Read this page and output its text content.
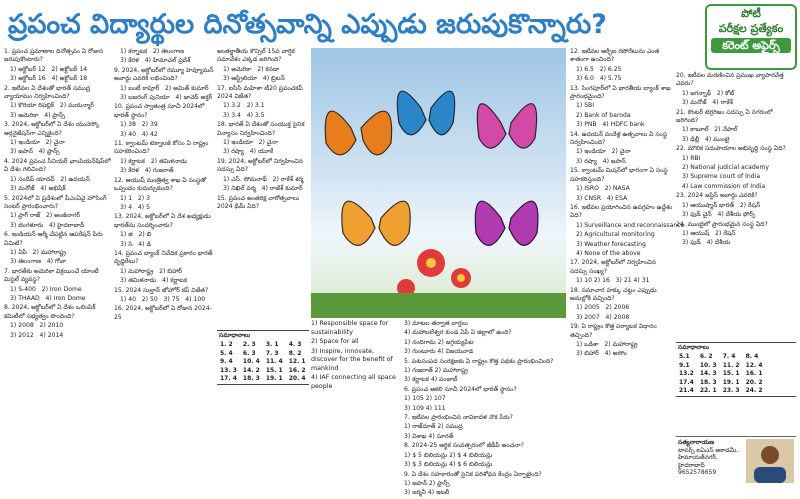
ప్రపంచ విద్యార్థుల దినోత్సవాన్ని ఎప్పుడు జరుపుకొన్నారు?	పోటీ
పరీక్షల ప్రత్యేకం
కరెంట్ అఫైర్స్

1. ప్రపంచ ప్రమాణాల దినోత్సవం ఏ రోజున జరుపుకొంటారు?

1) అక్టోబర్ 12   2) అక్టోబర్ 14

3) అక్టోబర్ 16   4) అక్టోబర్ 18

2. ఇటీవల ఏ దేశంతో భారత్ సముద్ర వ్యాయామం నిర్వహించింది?

1) కొరియా రిపబ్లిక్   2) మయన్మార్

3) అమెరికా   4) ఫ్రాన్స్

3. 2024, అక్టోబర్‌లో ఏ దేశం యునెస్కో ఆర్గనైజేషన్‌గా ఎన్నికైంది?

1) ఇండియా   2) చైనా

3) జపాన్   4) ఫ్రాన్స్

4. 2024 ప్రపంచ సీనియర్ ఛాంపియన్‌షిప్‌లో ఏ దేశం గెలిచింది?

1) సందీప్ యాదవ్   2) ఉదయన్

3) మనోజ్   4) అభిషేక్

5. 2024లో ఏ ప్రదేశంలో పీఎంఏవై హౌసింగ్ సెంటర్ ప్రారంభించారు?

1) ప్రాగ్ రాజ్   2) అంజీనాగర్

3) బెంగళూరు   4) హైదరాబాద్

6. ఇండియన్ ఆర్మీ చేపట్టిన ఆపరేషన్ పేరు ఏమిటి?

1) ఏపీ   2) మహారాష్ట్ర

3) తెలంగాణ   4) గోవా

7. భారత్‌కు అమెరికా విక్రయించే యాంటీ మిసైల్ వ్యవస్థ?

1) S-400   2) Iron Dome

3) THAAD   4) Iron Dome

8. 2024, అక్టోబర్‌లో ఏ దేశం ఒలింపిక్ కమిటీలో సభ్యత్వం పొందింది?

1) 2008   2) 2010

3) 2012   4) 2014

1) కర్నాటక   2) తెలంగాణ

3) కేరళ   4) హిమాచల్ ప్రదేశ్

9. 2024, అక్టోబర్‌లో రెమ్యూ హెవ్యూమన్ అవార్డు ఎవరికి లభించింది?

1) బంటీ కాపూర్   2) అమిత్ కుమార్

3) బజరంగ్ పునియా   4) జావెద్ అక్తర్

10. ప్రపంచ స్వాతంత్ర సూచీ 2024లో భారత్ స్థానం?

1) 38   2) 39

3) 40   4) 42

11. క్వాంటమ్ టెక్నాలజీ కోసం ఏ రాష్ట్రం సహకరించింది?

1) కర్ణాటక   2) తమిళనాడు

3) కేరళ   4) గుజరాత్

12. ఆయుష్ మంత్రిత్వ శాఖ ఏ సంస్థతో ఒప్పందం కుదుర్చుకుంది?

1) 1   2) 3

3) 4   4) 5

13. 2024, అక్టోబర్‌లో ఏ దేశ అధ్యక్షుడు భారత్‌ను సందర్శించారు?

1) జి   2) బి

3) సి   4) డి

14. ప్రపంచ బ్యాంక్ నివేదిక ప్రకారం భారత్ వృద్ధిరేటు?

1) మహారాష్ట్ర   2) బిహార్

3) తమిళనాడు   4) కర్ణాటక

15. 2024 సుల్తాన్ జోహోర్ కప్ విజేత?

1) 40   2) 50   3) 75   4) 100

16. 2024, అక్టోబర్‌లో ఏ రోజున 2024-25

అంతర్జాతీయ కౌన్సిల్ 15వ వార్షిక సమావేశం ఎక్కడ జరిగింది?

1) అమెరికా   2) కెనడా

3) ఆస్ట్రేలియా   4) బ్రిటన్

17. ఐసీసీ మహిళా టీ20 ప్రపంచకప్ 2024 విజేత?

1) 3.2   2) 3.1

3) 3.4   4) 3.5

18. భారత్ ఏ దేశంతో సంయుక్త సైనిక విన్యాసం నిర్వహించింది?

1) ఇండియా   2) చైనా

3) రష్యా   4) యూకే

19. 2024, అక్టోబర్‌లో నిర్వహించిన సదస్సు ఏది?

1) ఎస్. సోమనాథ్   2) రాకేశ్ శర్మ

3) నిఖిల్ వర్మ   4) రాజేశ్ కుమార్

15. ప్రపంచ అంతరిక్ష వారోత్సవాలు 2024 థీమ్ ఏది?

సమాధానాలు
1. 2	2. 3	3. 1	4. 3
5. 4	6. 3	7. 3	8. 2
9. 4	10. 4	11. 4	12. 1
13. 3	14. 2	15. 1	16. 2
17. 4	18. 3	19. 1	20. 4

1) Responsible space for sustainability

2) Space for all

3) Inspire, innovate, discover for the benefit of mankind

4) IAF connecting all space people

3) మాటల తర్వాత వార్తలు

4) మహాబలేశ్వర కుండ ఏపీ ఏ జిల్లాలో ఉంది?

1) నందిగామ 2) జగ్గయ్యపేట

3) గుంటూరు 4) విజయవాడ

5. పశుసంపద సంరక్షణకు ఏ రాష్ట్రం కొత్త పథకం ప్రారంభించింది?

1) గుజరాత్ 2) మహారాష్ట్ర

3) కర్ణాటక 4) పంజాబ్

6. ప్రపంచ ఆకలి సూచీ 2024లో భారత్ స్థానం?

1) 105 2) 107

3) 109 4) 111

7. ఇటీవల ప్రారంభించిన నావికాదళ నౌక పేరు?

1) రాజ్‌దూత్ 2) సముద్ర

3) విశాఖ 4) సూరత్

8. 2024-25 ఆర్థిక సంవత్సరంలో జీడీపీ అంచనా?

1) $ 5 బిలియన్లు 2) $ 4 బిలియన్లు

3) $ 3 బిలియన్లు 4) $ 6 బిలియన్లు

9. ఏ దేశం సహకారంతో సైనిక పరిశోధన కేంద్రం ఏర్పాటైంది?

1) జపాన్ 2) ఫ్రాన్స్

3) జర్మనీ 4) ఇటలీ

12. ఇటీవల ఆర్బీఐ రెపోరేటును ఎంత శాతంగా ఉంచింది?

1) 6.5   2) 6.25

3) 6.0   4) 5.75

13. సింగపూర్‌లో ఏ భారతీయ బ్యాంక్ శాఖ ప్రారంభమైంది?

1) SBI

2) Bank of baroda

3) PNB   4) HDFC bank

14. ఉదయన్ వందేళ్ల ఉత్సవాలు ఏ సంస్థ నిర్వహించింది?

1) ఇండియా   2) చైనా

3) రష్యా   4) జపాన్

15. క్వాంటమ్ మిషన్‌లో భాగంగా ఏ సంస్థ సహకరిస్తుంది?

1) ISRO   2) NASA

3) CNSR   4) ESA

16. ఇటీవల ప్రయోగించిన ఉపగ్రహం ఉద్దేశం ఏది?

1) Surveillance and reconnaissance

2) Agricultural monitoring

3) Weather forecasting

4) None of the above

17. 2024, అక్టోబర్‌లో నిర్వహించిన సదస్సు సంఖ్య?

1) 10 2) 16   3) 21 4) 31

18. సమాచార హక్కు చట్టం ఎప్పుడు అమల్లోకి వచ్చింది?

1) 2005   2) 2006

3) 2007   4) 2008

19. ఏ రాష్ట్రం కొత్త పర్యాటక విధానం తెచ్చింది?

1) ఒడిశా   2) మహారాష్ట్ర

3) బిహార్   4) అసోం

20. ఇటీవల మరణించిన ప్రముఖ వ్యాపారవేత్త ఎవరు?

1) జగన్నాథ్   2) కోట్

3) మనోజ్   4) రాకేశ్

21. కౌంటర్ టెర్రరిజం సదస్సు ఏ నగరంలో జరిగింది?

1) కాబూల్   2) నేపాల్

3) ఢిల్లీ   4) ముంబై

22. మౌలిక సదుపాయాల అభివృద్ధి సంస్థ ఏది?

1) RBI

2) National judicial academy

3) Supreme court of India

4) Law commission of India

23. 2024 జస్టిస్ అవార్డు ఎవరికి?

1) ఆయుష్మాన్ భారత్   2) రేషన్

3) ఫుడ్ చైన్   4) దేశీయ ఫోర్స్

24. ముంబైలో ప్రారంభమైన సంస్థ ఏది?

1) ఆయుష్   2) రేషన్

3) ఫుడ్   4) దేశీయ

సమాధానాలు
5.1	6. 2	7. 4	8. 4
9.1	10. 3	11. 2	12. 4
13.2	14. 3	15. 1	16. 1
17.4	18. 3	19. 1	20. 2
21.4	22. 1	23. 3	24. 2
సత్యనారాయణ
టాపర్స్ ఐఏఎస్ అకాడమీ,
హిమాయత్‌నగర్, హైదరాబాద్
9652578659
